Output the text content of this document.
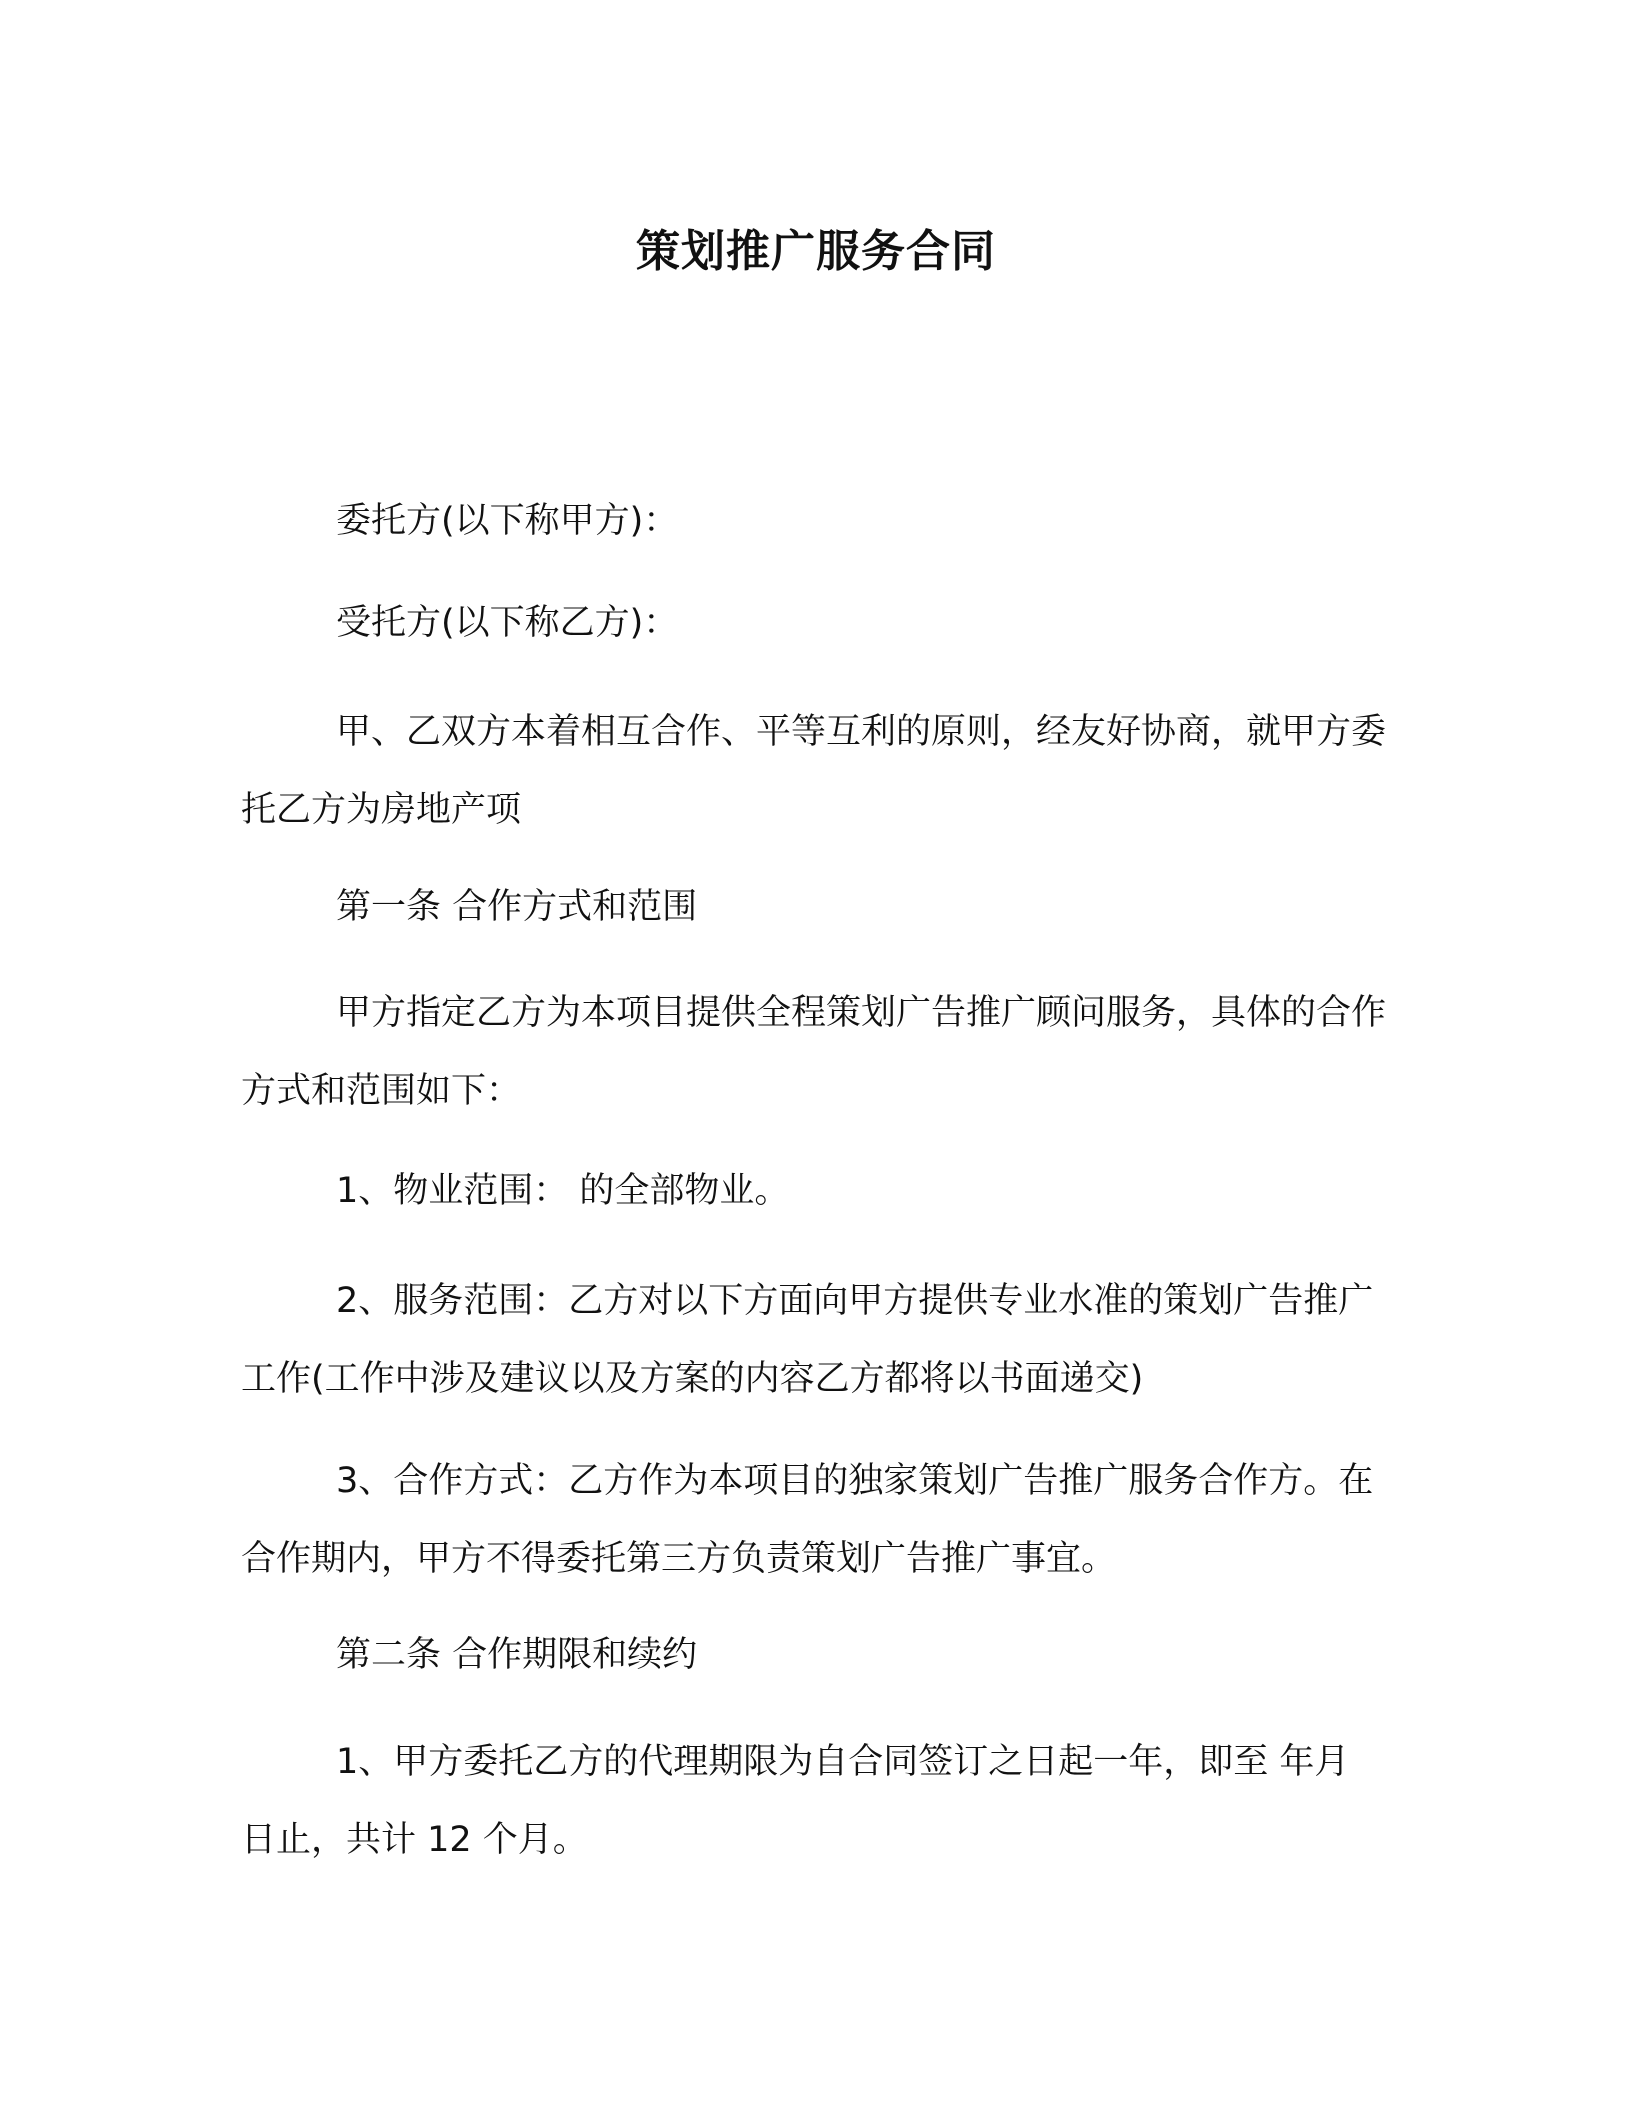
策划推广服务合同

委托方(以下称甲方)：

受托方(以下称乙方)：

甲、乙双方本着相互合作、平等互利的原则，经友好协商，就甲方委托乙方为房地产项

第一条 合作方式和范围

甲方指定乙方为本项目提供全程策划广告推广顾问服务，具体的合作方式和范围如下：

1、物业范围： 的全部物业。

2、服务范围：乙方对以下方面向甲方提供专业水准的策划广告推广工作(工作中涉及建议以及方案的内容乙方都将以书面递交)

3、合作方式：乙方作为本项目的独家策划广告推广服务合作方。在合作期内，甲方不得委托第三方负责策划广告推广事宜。

第二条 合作期限和续约

1、甲方委托乙方的代理期限为自合同签订之日起一年，即至 年月 日止，共计 12 个月。
